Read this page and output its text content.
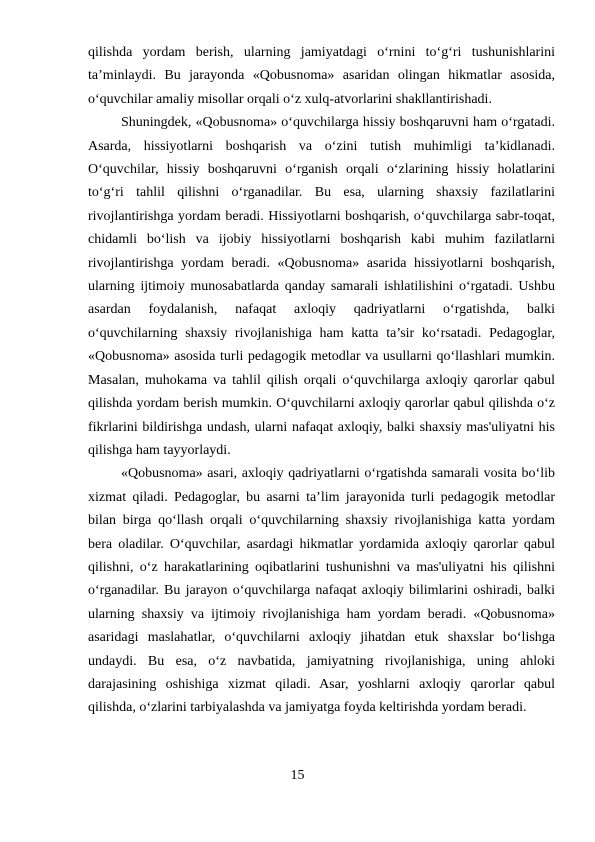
qilishda yordam berish, ularning jamiyatdagi o‘rnini to‘g‘ri tushunishlarini ta’minlaydi. Bu jarayonda «Qobusnoma» asaridan olingan hikmatlar asosida, o‘quvchilar amaliy misollar orqali o‘z xulq-atvorlarini shakllantirishadi.

Shuningdek, «Qobusnoma» o‘quvchilarga hissiy boshqaruvni ham o‘rgatadi. Asarda, hissiyotlarni boshqarish va o‘zini tutish muhimligi ta’kidlanadi. O‘quvchilar, hissiy boshqaruvni o‘rganish orqali o‘zlarining hissiy holatlarini to‘g‘ri tahlil qilishni o‘rganadilar. Bu esa, ularning shaxsiy fazilatlarini rivojlantirishga yordam beradi. Hissiyotlarni boshqarish, o‘quvchilarga sabr-toqat, chidamli bo‘lish va ijobiy hissiyotlarni boshqarish kabi muhim fazilatlarni rivojlantirishga yordam beradi. «Qobusnoma» asarida hissiyotlarni boshqarish, ularning ijtimoiy munosabatlarda qanday samarali ishlatilishini o‘rgatadi. Ushbu asardan foydalanish, nafaqat axloqiy qadriyatlarni o‘rgatishda, balki o‘quvchilarning shaxsiy rivojlanishiga ham katta ta’sir ko‘rsatadi. Pedagoglar, «Qobusnoma» asosida turli pedagogik metodlar va usullarni qo‘llashlari mumkin. Masalan, muhokama va tahlil qilish orqali o‘quvchilarga axloqiy qarorlar qabul qilishda yordam berish mumkin. O‘quvchilarni axloqiy qarorlar qabul qilishda o‘z fikrlarini bildirishga undash, ularni nafaqat axloqiy, balki shaxsiy mas'uliyatni his qilishga ham tayyorlaydi.

«Qobusnoma» asari, axloqiy qadriyatlarni o‘rgatishda samarali vosita bo‘lib xizmat qiladi. Pedagoglar, bu asarni ta’lim jarayonida turli pedagogik metodlar bilan birga qo‘llash orqali o‘quvchilarning shaxsiy rivojlanishiga katta yordam bera oladilar. O‘quvchilar, asardagi hikmatlar yordamida axloqiy qarorlar qabul qilishni, o‘z harakatlarining oqibatlarini tushunishni va mas'uliyatni his qilishni o‘rganadilar. Bu jarayon o‘quvchilarga nafaqat axloqiy bilimlarini oshiradi, balki ularning shaxsiy va ijtimoiy rivojlanishiga ham yordam beradi. «Qobusnoma» asaridagi maslahatlar, o‘quvchilarni axloqiy jihatdan etuk shaxslar bo‘lishga undaydi. Bu esa, o‘z navbatida, jamiyatning rivojlanishiga, uning ahloki darajasining oshishiga xizmat qiladi. Asar, yoshlarni axloqiy qarorlar qabul qilishda, o‘zlarini tarbiyalashda va jamiyatga foyda keltirishda yordam beradi.

15
